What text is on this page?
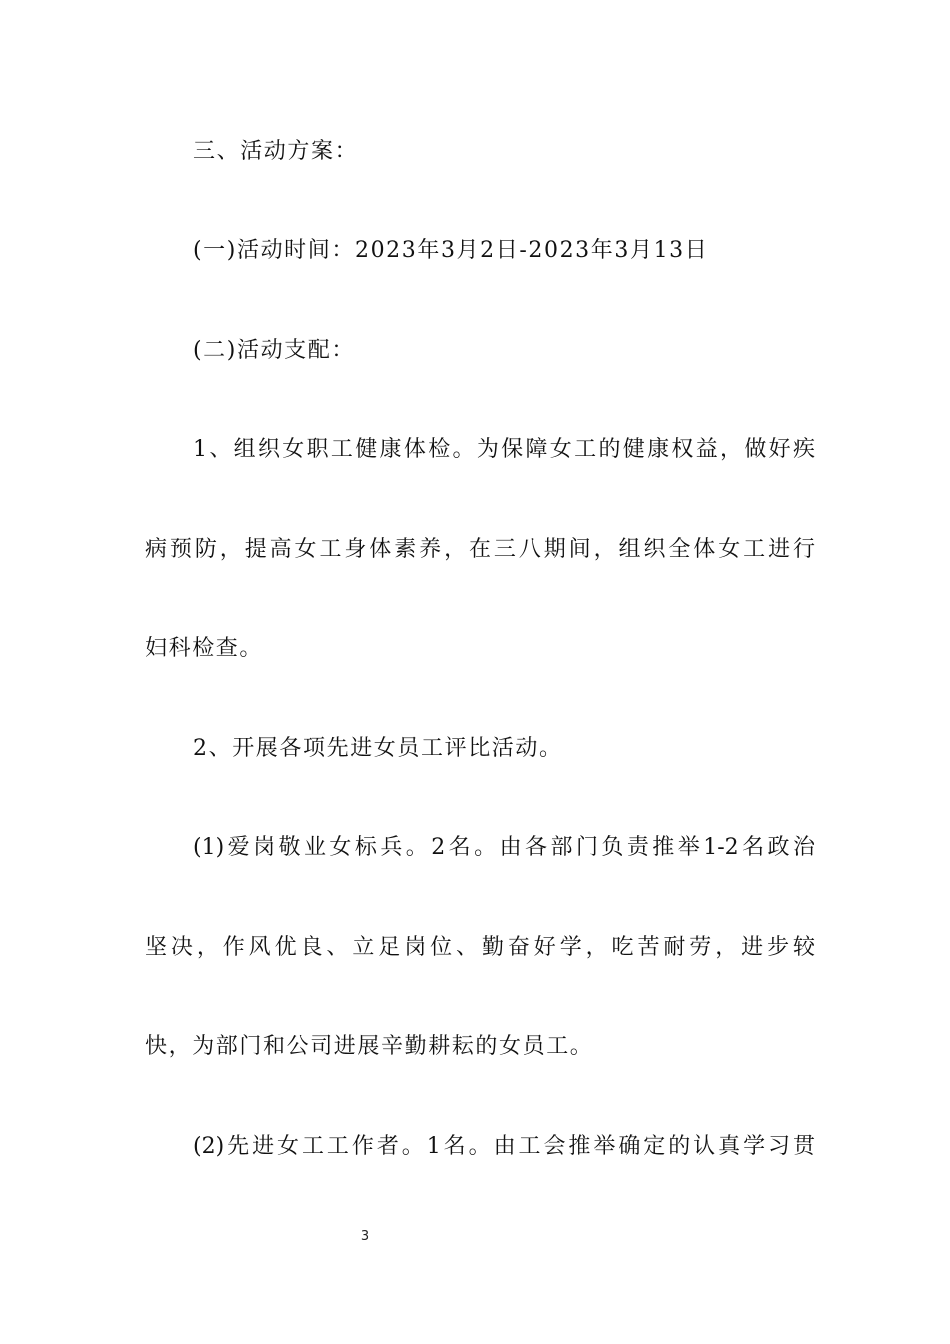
三、活动方案：
(一)活动时间：2023年3月2日-2023年3月13日
(二)活动支配：
1、组织女职工健康体检。为保障女工的健康权益，做好疾
病预防，提高女工身体素养，在三八期间，组织全体女工进行
妇科检查。
2、开展各项先进女员工评比活动。
(1)爱岗敬业女标兵。2名。由各部门负责推举1-2名政治
坚决，作风优良、立足岗位、勤奋好学，吃苦耐劳，进步较
快，为部门和公司进展辛勤耕耘的女员工。
(2)先进女工工作者。1名。由工会推举确定的认真学习贯
3
